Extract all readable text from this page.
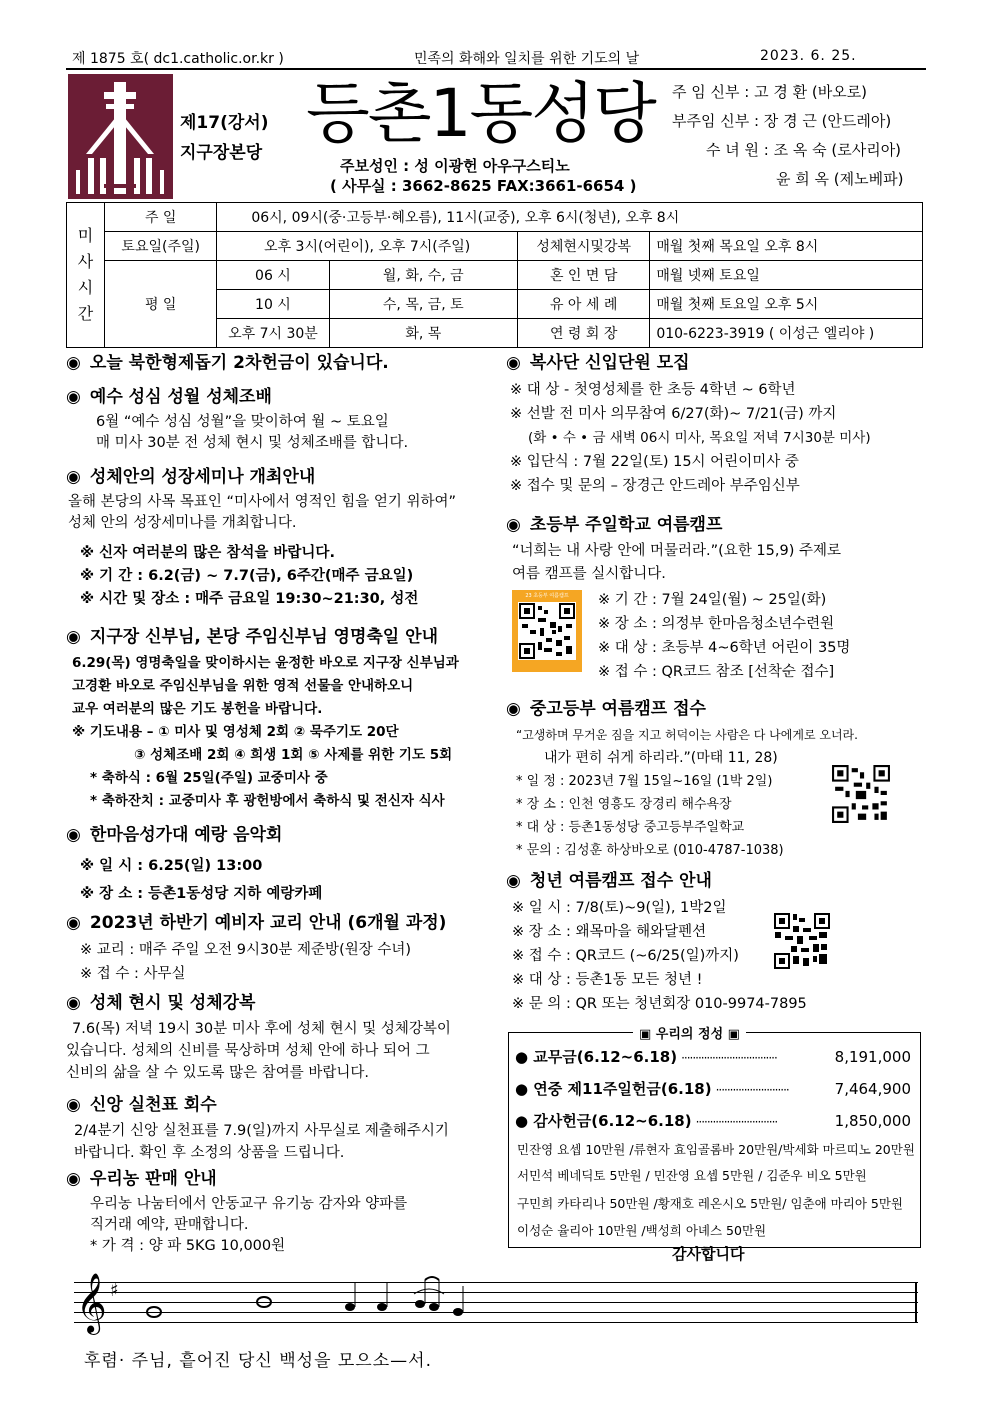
제 1875 호( dc1.catholic.or.kr )	민족의 화해와 일치를 위한 기도의 날	2023. 6. 25.
제17(강서)
지구장본당
등촌1동성당
주보성인 : 성 이광헌 아우구스티노
( 사무실 : 3662-8625 FAX:3661-6654 )
주 임 신부 : 고 경 환 (바오로)
부주임 신부 : 장 경 근 (안드레아)
수 녀 원 : 조 옥 숙 (로사리아)
윤 희 옥 (제노베파)
미사시간	주 일	06시, 09시(중·고등부·혜오름), 11시(교중), 오후 6시(청년), 오후 8시			
	토요일(주일)	오후 3시(어린이), 오후 7시(주일)		성체현시및강복	매월 첫째 목요일 오후 8시
	평 일	06 시	월, 화, 수, 금	혼 인 면 담	매월 넷째 토요일
		10 시	수, 목, 금, 토	유 아 세 례	매월 첫째 토요일 오후 5시
		오후 7시 30분	화, 목	연 령 회 장	010-6223-3919 ( 이성근 엘리야 )
◉ 오늘 북한형제돕기 2차헌금이 있습니다.
◉ 예수 성심 성월 성체조배
6월 “예수 성심 성월”을 맞이하여 월 ~ 토요일
매 미사 30분 전 성체 현시 및 성체조배를 합니다.
◉ 성체안의 성장세미나 개최안내
올해 본당의 사목 목표인 “미사에서 영적인 힘을 얻기 위하여”
성체 안의 성장세미나를 개최합니다.
※ 신자 여러분의 많은 참석을 바랍니다.
※ 기 간 : 6.2(금) ~ 7.7(금), 6주간(매주 금요일)
※ 시간 및 장소 : 매주 금요일 19:30~21:30, 성전
◉ 지구장 신부님, 본당 주임신부님 영명축일 안내
6.29(목) 영명축일을 맞이하시는 윤정한 바오로 지구장 신부님과
고경환 바오로 주임신부님을 위한 영적 선물을 안내하오니
교우 여러분의 많은 기도 봉헌을 바랍니다.
※ 기도내용 – ① 미사 및 영성체 2회 ② 묵주기도 20단
③ 성체조배 2회 ④ 희생 1회 ⑤ 사제를 위한 기도 5회
* 축하식 : 6월 25일(주일) 교중미사 중
* 축하잔치 : 교중미사 후 광헌방에서 축하식 및 전신자 식사
◉ 한마음성가대 예랑 음악회
※ 일 시 : 6.25(일) 13:00
※ 장 소 : 등촌1동성당 지하 예랑카페
◉ 2023년 하반기 예비자 교리 안내 (6개월 과정)
※ 교리 : 매주 주일 오전 9시30분 제준방(원장 수녀)
※ 접 수 : 사무실
◉ 성체 현시 및 성체강복
7.6(목) 저녁 19시 30분 미사 후에 성체 현시 및 성체강복이
있습니다. 성체의 신비를 묵상하며 성체 안에 하나 되어 그
신비의 삶을 살 수 있도록 많은 참여를 바랍니다.
◉ 신앙 실천표 회수
2/4분기 신앙 실천표를 7.9(일)까지 사무실로 제출해주시기
바랍니다. 확인 후 소정의 상품을 드립니다.
◉ 우리농 판매 안내
우리농 나눔터에서 안동교구 유기농 감자와 양파를
직거래 예약, 판매합니다.
* 가 격 : 양 파 5KG 10,000원
◉ 복사단 신입단원 모집
※ 대 상 - 첫영성체를 한 초등 4학년 ~ 6학년
※ 선발 전 미사 의무참여 6/27(화)~ 7/21(금) 까지
(화 • 수 • 금 새벽 06시 미사, 목요일 저녁 7시30분 미사)
※ 입단식 : 7월 22일(토) 15시 어린이미사 중
※ 접수 및 문의 – 장경근 안드레아 부주임신부
◉ 초등부 주일학교 여름캠프
“너희는 내 사랑 안에 머물러라.”(요한 15,9) 주제로
여름 캠프를 실시합니다.
23 초등부 여름캠프	※ 기 간 : 7월 24일(월) ~ 25일(화)
※ 장 소 : 의정부 한마음청소년수련원
※ 대 상 : 초등부 4~6학년 어린이 35명
※ 접 수 : QR코드 참조 [선착순 접수]
◉ 중고등부 여름캠프 접수
“고생하며 무거운 짐을 지고 허덕이는 사람은 다 나에게로 오너라.
내가 편히 쉬게 하리라.”(마태 11, 28)
* 일 정 : 2023년 7월 15일~16일 (1박 2일)
* 장 소 : 인천 영흥도 장경리 해수욕장
* 대 상 : 등촌1동성당 중고등부주일학교
* 문의 : 김성훈 하상바오로 (010-4787-1038)
◉ 청년 여름캠프 접수 안내
※ 일 시 : 7/8(토)~9(일), 1박2일
※ 장 소 : 왜목마을 해와달펜션
※ 접 수 : QR코드 (~6/25(일)까지)
※ 대 상 : 등촌1동 모든 청년 !
※ 문 의 : QR 또는 청년회장 010-9974-7895
▣ 우리의 정성 ▣
● 교무금(6.12~6.18) ··································	8,191,000
● 연중 제11주일헌금(6.18) ··························	7,464,900
● 감사헌금(6.12~6.18) ·····························	1,850,000
민잔영 요셉 10만원 /류현자 효임골롬바 20만원/박세화 마르띠노 20만원
서민석 베네딕토 5만원 / 민잔영 요셉 5만원 / 김준우 비오 5만원
구민희 카타리나 50만원 /황재호 레온시오 5만원/ 임춘애 마리아 5만원
이성순 율리아 10만원 /백성희 아녜스 50만원
감사합니다
𝄞 ♯
후렴· 주님, 흩어진 당신 백성을 모으소—서.
